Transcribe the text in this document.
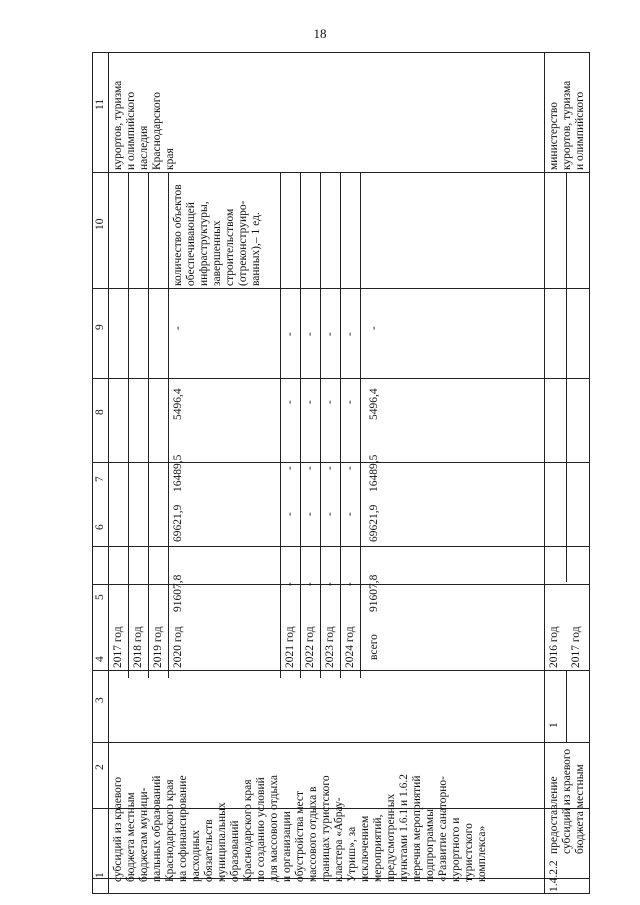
18
1
2
3
4
5
6
7
8
9
10
11
субсидий из краевого бюджета местным бюджетам муници- пальных образований Краснодарского края на софинансирование расходных обязательств муниципальных образований Краснодарского края по созданию условий для массового отдыха и организации обустройства мест массового отдыха в границах туристского кластера «Абрау- Утриш», за исключением мероприятий, предусмотренных пунктами 1.6.1 и 1.6.2 перечня мероприятий подпрограммы «Развитие санаторно- курортного и туристского комплекса»
2017 год 2018 год 2019 год 2020 год	2021 год 2022 год 2023 год 2024 год всего
91607,8
69621,9
16489,5
5496,4
-
-
-
-
-
-
-
-
-
-
-
-
-
-
-
-
-
-
-
-
-
91607,8
69621,9
16489,5
5496,4
-
количество объектов обеспечивающей инфраструктуры, завершенных строительством (отреконструиро- ванных),– 1 ед.
курортов, туризма и олимпийского наследия Краснодарского края
1.4.2.2
предоставление субсидий из краевого бюджета местным
1
2016 год 2017 год
министерство курортов, туризма и олимпийского
